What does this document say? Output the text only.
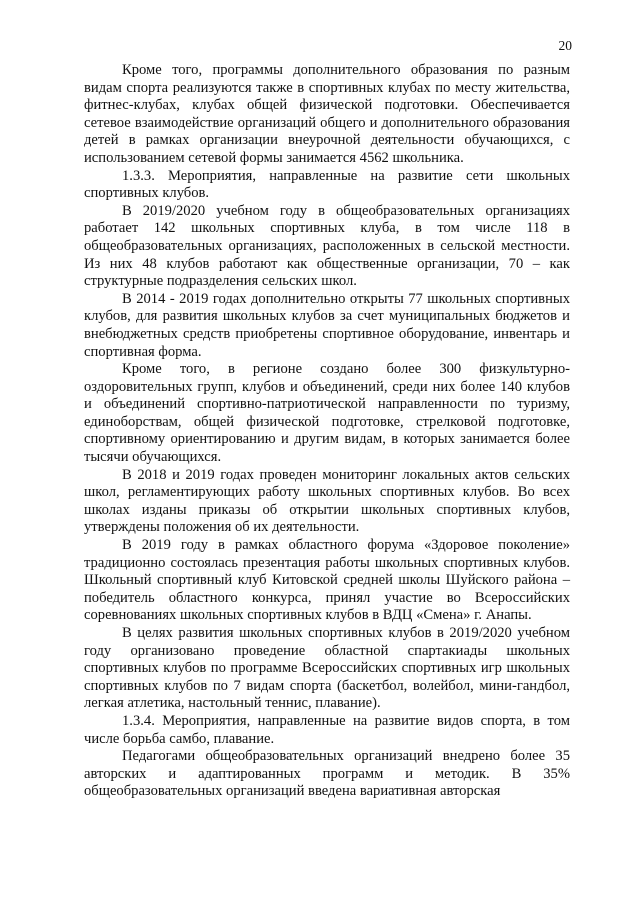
20

Кроме того, программы дополнительного образования по разным видам спорта реализуются также в спортивных клубах по месту жительства, фитнес-клубах, клубах общей физической подготовки. Обеспечивается сетевое взаимодействие организаций общего и дополнительного образования детей в рамках организации внеурочной деятельности обучающихся, с использованием сетевой формы занимается 4562 школьника.

1.3.3. Мероприятия, направленные на развитие сети школьных спортивных клубов.

В 2019/2020 учебном году в общеобразовательных организациях работает 142 школьных спортивных клуба, в том числе 118 в общеобразовательных организациях, расположенных в сельской местности. Из них 48 клубов работают как общественные организации, 70 – как структурные подразделения сельских школ.

В 2014 - 2019 годах дополнительно открыты 77 школьных спортивных клубов, для развития школьных клубов за счет муниципальных бюджетов и внебюджетных средств приобретены спортивное оборудование, инвентарь и спортивная форма.

Кроме того, в регионе создано более 300 физкультурно-оздоровительных групп, клубов и объединений, среди них более 140 клубов и объединений спортивно-патриотической направленности по туризму, единоборствам, общей физической подготовке, стрелковой подготовке, спортивному ориентированию и другим видам, в которых занимается более тысячи обучающихся.

В 2018 и 2019 годах проведен мониторинг локальных актов сельских школ, регламентирующих работу школьных спортивных клубов. Во всех школах изданы приказы об открытии школьных спортивных клубов, утверждены положения об их деятельности.

В 2019 году в рамках областного форума «Здоровое поколение» традиционно состоялась презентация работы школьных спортивных клубов. Школьный спортивный клуб Китовской средней школы Шуйского района – победитель областного конкурса, принял участие во Всероссийских соревнованиях школьных спортивных клубов в ВДЦ «Смена» г. Анапы.

В целях развития школьных спортивных клубов в 2019/2020 учебном году организовано проведение областной спартакиады школьных спортивных клубов по программе Всероссийских спортивных игр школьных спортивных клубов по 7 видам спорта (баскетбол, волейбол, мини-гандбол, легкая атлетика, настольный теннис, плавание).

1.3.4. Мероприятия, направленные на развитие видов спорта, в том числе борьба самбо, плавание.

Педагогами общеобразовательных организаций внедрено более 35 авторских и адаптированных программ и методик. В 35% общеобразовательных организаций введена вариативная авторская
